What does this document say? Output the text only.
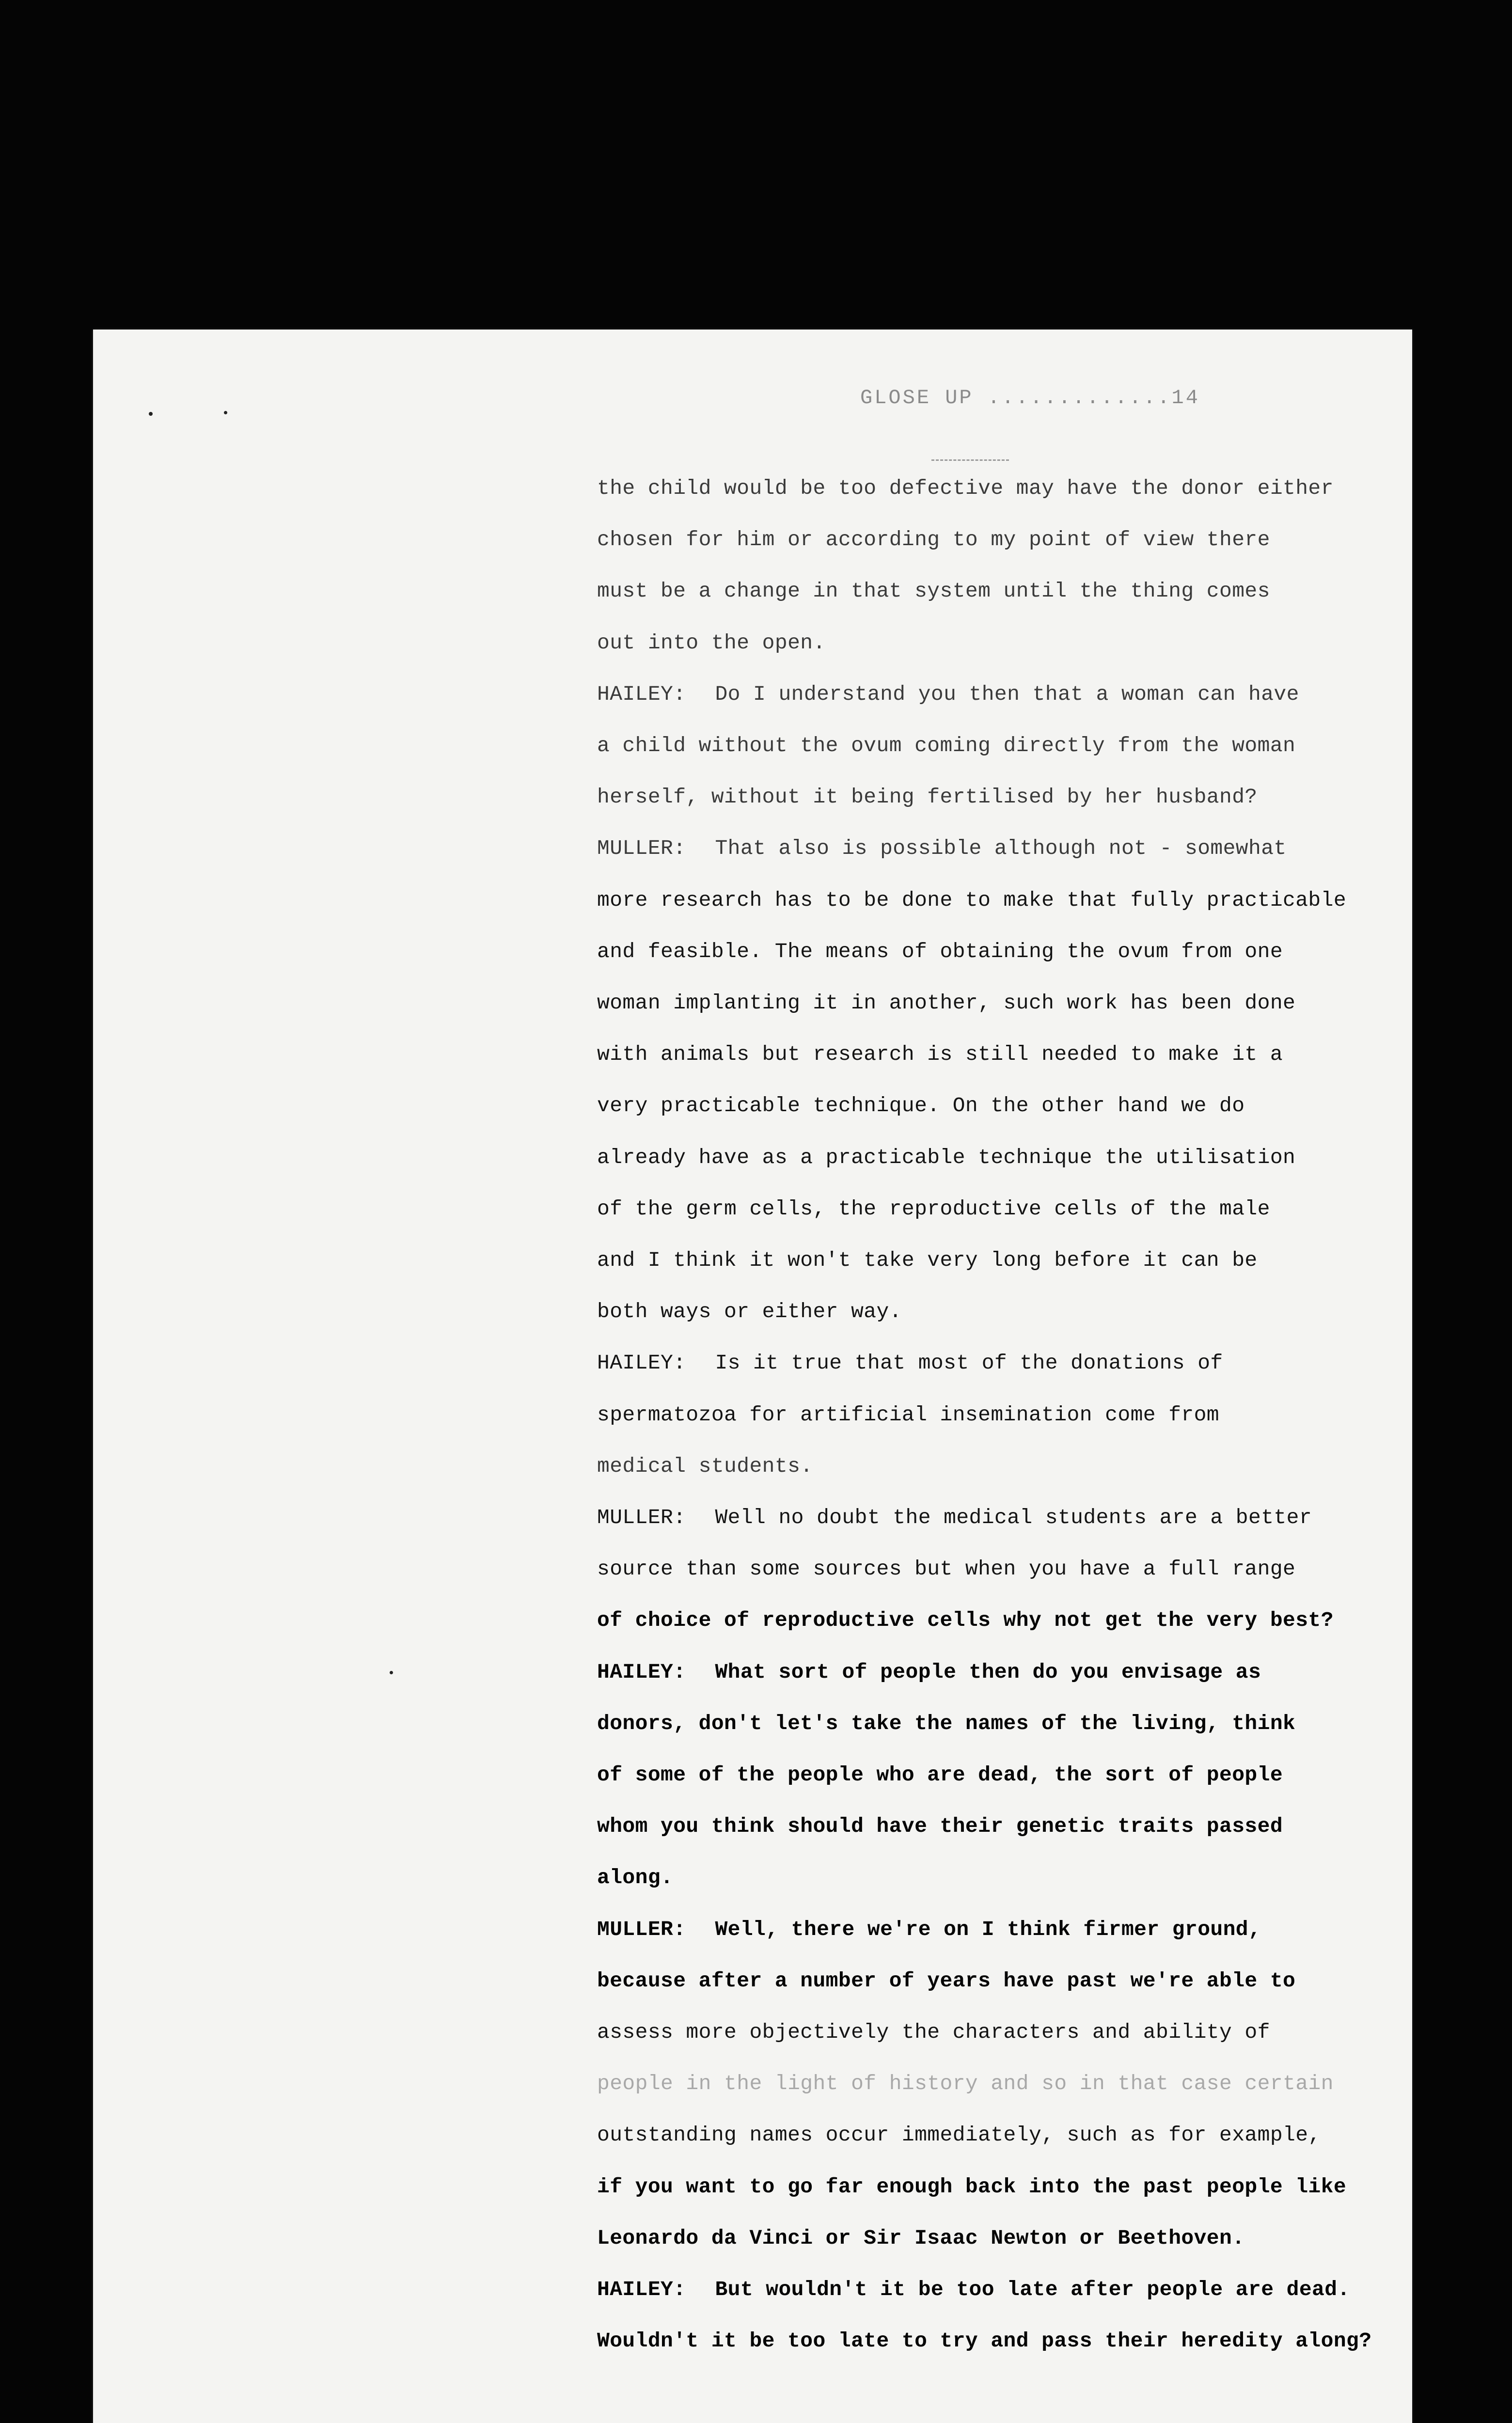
GLOSE UP .............14
the child would be too defective may have the donor either
chosen for him or according to my point of view there
must be a change in that system until the thing comes
out into the open.
HAILEY: Do I understand you then that a woman can have
a child without the ovum coming directly from the woman
herself, without it being fertilised by her husband?
MULLER: That also is possible although not - somewhat
more research has to be done to make that fully practicable
and feasible. The means of obtaining the ovum from one
woman implanting it in another, such work has been done
with animals but research is still needed to make it a
very practicable technique. On the other hand we do
already have as a practicable technique the utilisation
of the germ cells, the reproductive cells of the male
and I think it won't take very long before it can be
both ways or either way.
HAILEY: Is it true that most of the donations of
spermatozoa for artificial insemination come from
medical students.
MULLER: Well no doubt the medical students are a better
source than some sources but when you have a full range
of choice of reproductive cells why not get the very best?
HAILEY: What sort of people then do you envisage as
donors, don't let's take the names of the living, think
of some of the people who are dead, the sort of people
whom you think should have their genetic traits passed
along.
MULLER: Well, there we're on I think firmer ground,
because after a number of years have past we're able to
assess more objectively the characters and ability of
people in the light of history and so in that case certain
outstanding names occur immediately, such as for example,
if you want to go far enough back into the past people like
Leonardo da Vinci or Sir Isaac Newton or Beethoven.
HAILEY: But wouldn't it be too late after people are dead.
Wouldn't it be too late to try and pass their heredity along?
